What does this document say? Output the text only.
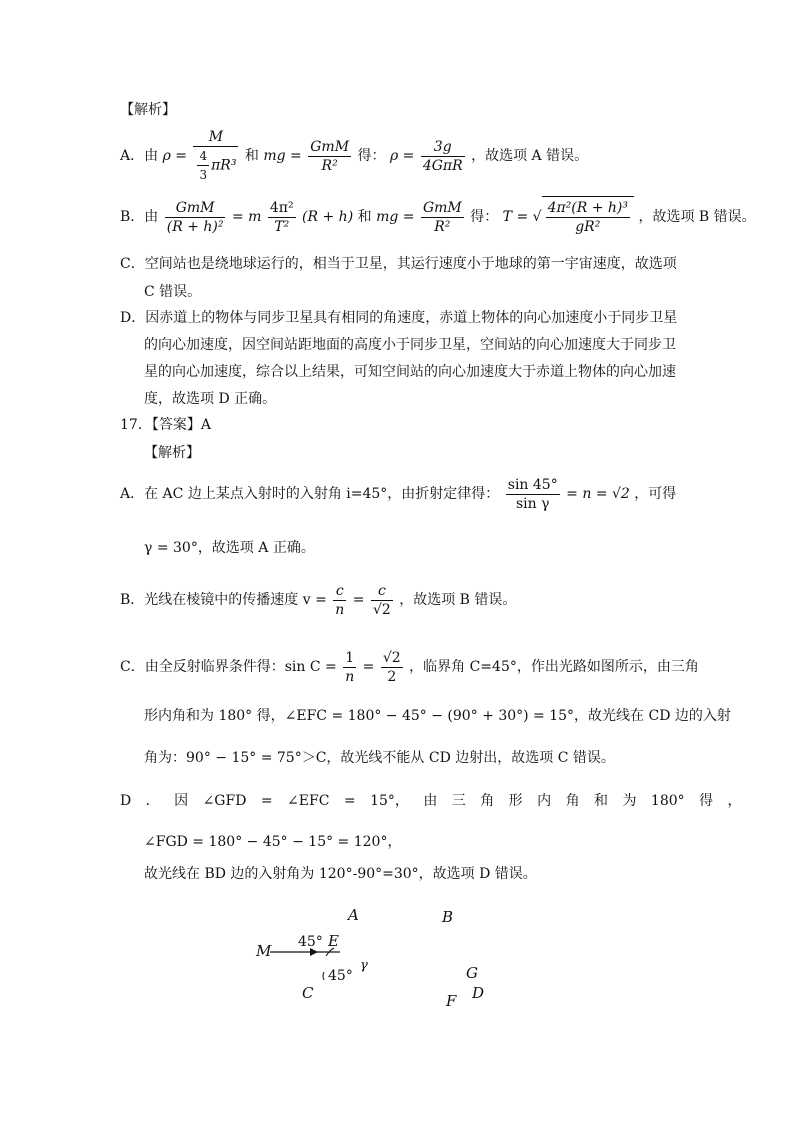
【解析】
A．由 $\rho = \frac{M}{\frac{4}{3} \pi R^3}$ 和 mg = $\frac{\text{GmM}}{\text{R²}}$ 得： $\rho = \frac{3g}{\text{4GπR}}$ ，故选项 A 错误。
B．由 $\frac{\text{GmM}}{\text{(R + h)²}} = m \frac{\text{4π²}}{\text{T²}} (R + h)$ 和 mg = $\frac{\text{GmM}}{\text{R²}}$ 得： T = √ $\frac{\text{4π²(R + h)³}}{\text{gR²}}$ ，故选项 B 错误。
C．空间站也是绕地球运行的，相当于卫星，其运行速度小于地球的第一宇宙速度，故选项
C 错误。
D．因赤道上的物体与同步卫星具有相同的角速度，赤道上物体的向心加速度小于同步卫星
的向心加速度，因空间站距地面的高度小于同步卫星，空间站的向心加速度大于同步卫
星的向心加速度，综合以上结果，可知空间站的向心加速度大于赤道上物体的向心加速
度，故选项 D 正确。
17．【答案】A
【解析】
A．在 AC 边上某点入射时的入射角 i=45°，由折射定律得： $\frac{\sin 45^\circ}{\text{sin γ}} = n = √2$ ，可得
γ = 30°，故选项 A 正确。
B．光线在棱镜中的传播速度 $v = \frac{c}{n} = \frac{c}{√2}$ ，故选项 B 错误。
C．由全反射临界条件得：$\sin C = \frac{1}{n} = \frac{√2}{2}$ ，临界角 C=45°，作出光路如图所示，由三角
形内角和为 180° 得，∠EFC = 180° − 45° − (90° + 30°) = 15°，故光线在 CD 边的入射
角为：90° − 15° = 75°＞C，故光线不能从 CD 边射出，故选项 C 错误。
D ． 因 ∠GFD = ∠EFC = 15°， 由 三 角 形 内 角 和 为 180° 得 ，
∠FGD = 180° − 45° − 15° = 120°，
故光线在 BD 边的入射角为 120°-90°=30°，故选项 D 错误。
A	B
M 45° E
γ
45°
C
G
F D
